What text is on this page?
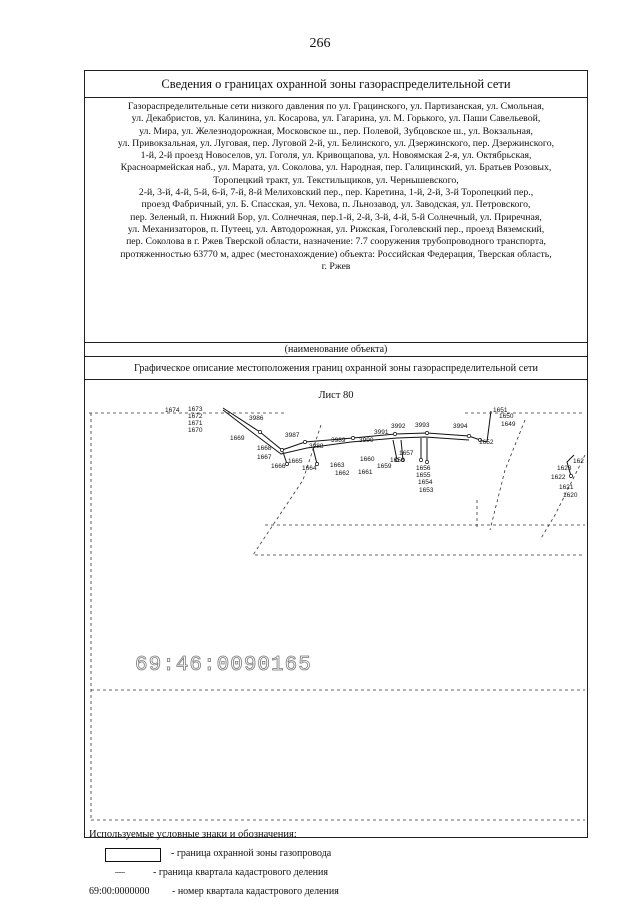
266
Сведения о границах охранной зоны газораспределительной сети
Газораспределительные сети низкого давления по ул. Грацинского, ул. Партизанская, ул. Смольная,
ул. Декабристов, ул. Калинина, ул. Косарова, ул. Гагарина, ул. М. Горького, ул. Паши Савельевой,
ул. Мира, ул. Железнодорожная, Московское ш., пер. Полевой, Зубцовское ш., ул. Вокзальная,
ул. Привокзальная, ул. Луговая, пер. Луговой 2-й, ул. Белинского, ул. Дзержинского, пер. Дзержинского,
1-й, 2-й проезд Новоселов, ул. Гоголя, ул. Кривощапова, ул. Новоямская 2-я, ул. Октябрьская,
Красноармейская наб., ул. Марата, ул. Соколова, ул. Народная, пер. Галицинский, ул. Братьев Розовых,
Торопецкий тракт, ул. Текстильщиков, ул. Чернышевского,
2-й, 3-й, 4-й, 5-й, 6-й, 7-й, 8-й Мелиховский пер., пер. Каретина, 1-й, 2-й, 3-й Торопецкий пер.,
проезд Фабричный, ул. Б. Спасская, ул. Чехова, п. Льнозавод, ул. Заводская, ул. Петровского,
пер. Зеленый, п. Нижний Бор, ул. Солнечная, пер.1-й, 2-й, 3-й, 4-й, 5-й Солнечный, ул. Приречная,
ул. Механизаторов, п. Путеец, ул. Автодорожная, ул. Рижская, Гоголевский пер., проезд Вяземский,
пер. Соколова в г. Ржев Тверской области, назначение: 7.7 сооружения трубопроводного транспорта,
протяженностью 63770 м, адрес (местонахождение) объекта: Российская Федерация, Тверская область,
г. Ржев
(наименование объекта)
Графическое описание местоположения границ охранной зоны газораспределительной сети
1674 1673
1672
1671
1670
1669
3986
3987
1668
1667
1666
1665
1664
3988
3989 3990
3991
3992 3993	3994
1663
1662 1661
1660
1659
1658
1657
1656
1655
1654
1653
1652
1651
1650
1649
162
1623
1622
1621
1620
69:46:0090165
Лист 80
Используемые условные знаки и обозначения:
- граница охранной зоны газопровода
—	- граница квартала кадастрового деления
69:00:0000000 - номер квартала кадастрового деления
